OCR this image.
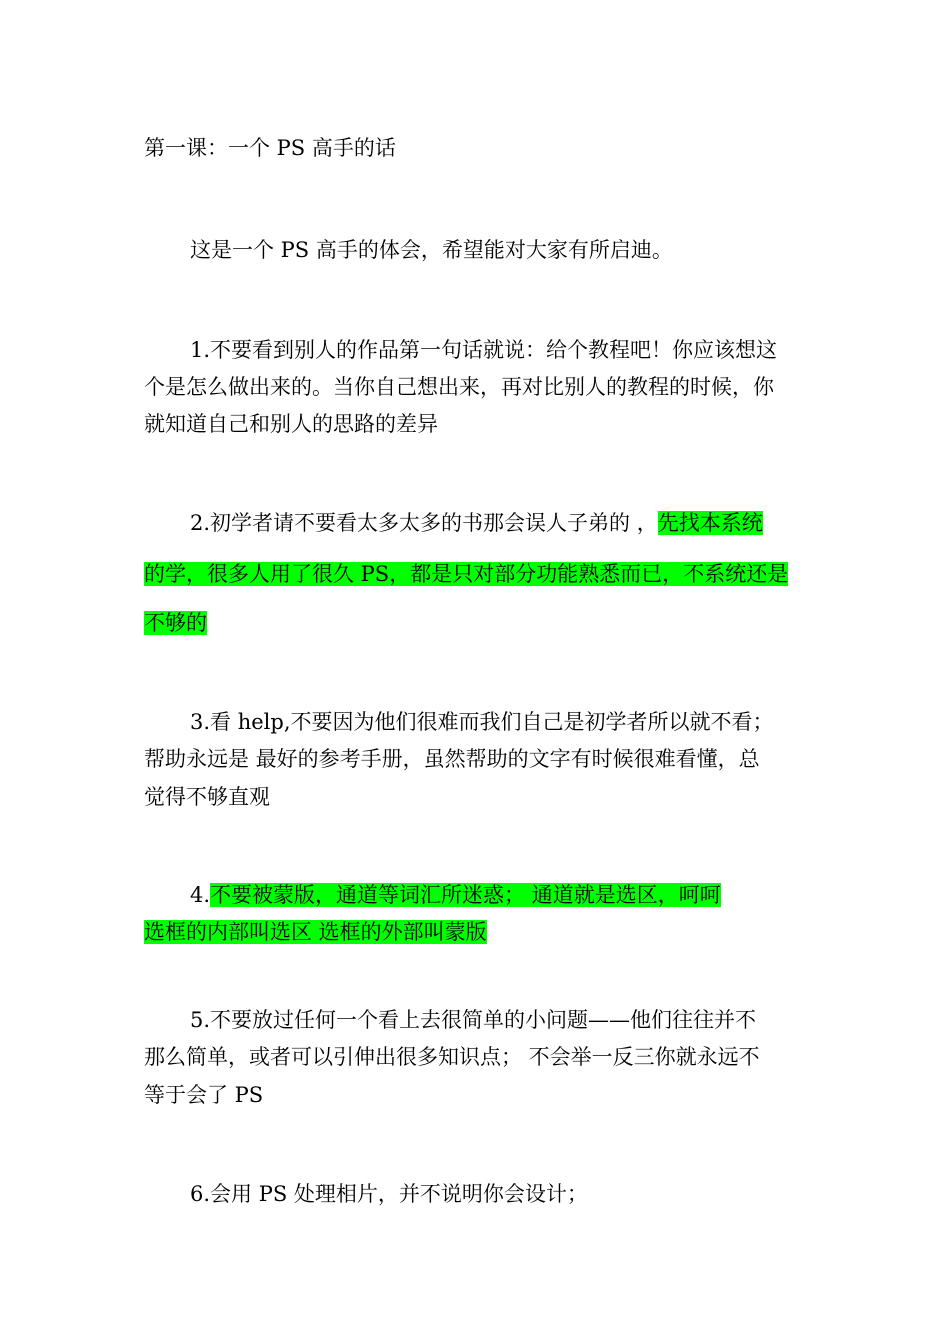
第一课：一个 PS 高手的话
这是一个 PS 高手的体会，希望能对大家有所启迪。
1.不要看到别人的作品第一句话就说：给个教程吧！你应该想这
个是怎么做出来的。当你自己想出来，再对比别人的教程的时候，你
就知道自己和别人的思路的差异
2.初学者请不要看太多太多的书那会误人子弟的 ，先找本系统
的学，很多人用了很久 PS，都是只对部分功能熟悉而已，不系统还是
不够的
3.看 help,不要因为他们很难而我们自己是初学者所以就不看；
帮助永远是 最好的参考手册，虽然帮助的文字有时候很难看懂，总
觉得不够直观
4.不要被蒙版，通道等词汇所迷惑； 通道就是选区，呵呵
选框的内部叫选区 选框的外部叫蒙版
5.不要放过任何一个看上去很简单的小问题——他们往往并不
那么简单，或者可以引伸出很多知识点； 不会举一反三你就永远不
等于会了 PS
6.会用 PS 处理相片，并不说明你会设计；
